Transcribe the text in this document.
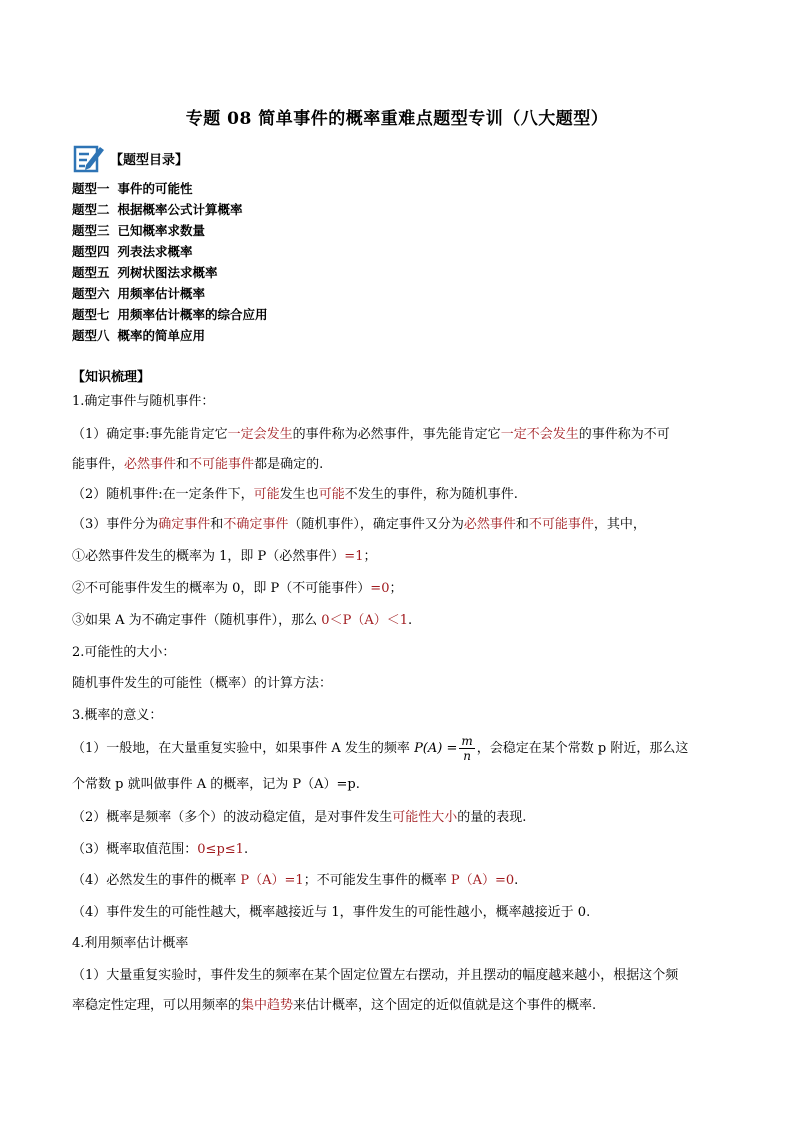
专题 08 简单事件的概率重难点题型专训（八大题型）
【题型目录】
题型一 事件的可能性
题型二 根据概率公式计算概率
题型三 已知概率求数量
题型四 列表法求概率
题型五 列树状图法求概率
题型六 用频率估计概率
题型七 用频率估计概率的综合应用
题型八 概率的简单应用
【知识梳理】
1.确定事件与随机事件：
（1）确定事:事先能肯定它一定会发生的事件称为必然事件，事先能肯定它一定不会发生的事件称为不可
能事件，必然事件和不可能事件都是确定的.
（2）随机事件:在一定条件下，可能发生也可能不发生的事件，称为随机事件.
（3）事件分为确定事件和不确定事件（随机事件），确定事件又分为必然事件和不可能事件，其中，
①必然事件发生的概率为 1，即 P（必然事件）=1；
②不可能事件发生的概率为 0，即 P（不可能事件）=0；
③如果 A 为不确定事件（随机事件），那么 0＜P（A）＜1.
2.可能性的大小：
随机事件发生的可能性（概率）的计算方法：
3.概率的意义：
（1）一般地，在大量重复实验中，如果事件 A 发生的频率 $P(A) = \frac{m}{n}$ ，会稳定在某个常数 p 附近，那么这
个常数 p 就叫做事件 A 的概率，记为 P（A）=p.
（2）概率是频率（多个）的波动稳定值，是对事件发生可能性大小的量的表现.
（3）概率取值范围：0≤p≤1.
（4）必然发生的事件的概率 P（A）=1；不可能发生事件的概率 P（A）=0.
（4）事件发生的可能性越大，概率越接近与 1，事件发生的可能性越小，概率越接近于 0.
4.利用频率估计概率
（1）大量重复实验时，事件发生的频率在某个固定位置左右摆动，并且摆动的幅度越来越小，根据这个频
率稳定性定理，可以用频率的集中趋势来估计概率，这个固定的近似值就是这个事件的概率.
